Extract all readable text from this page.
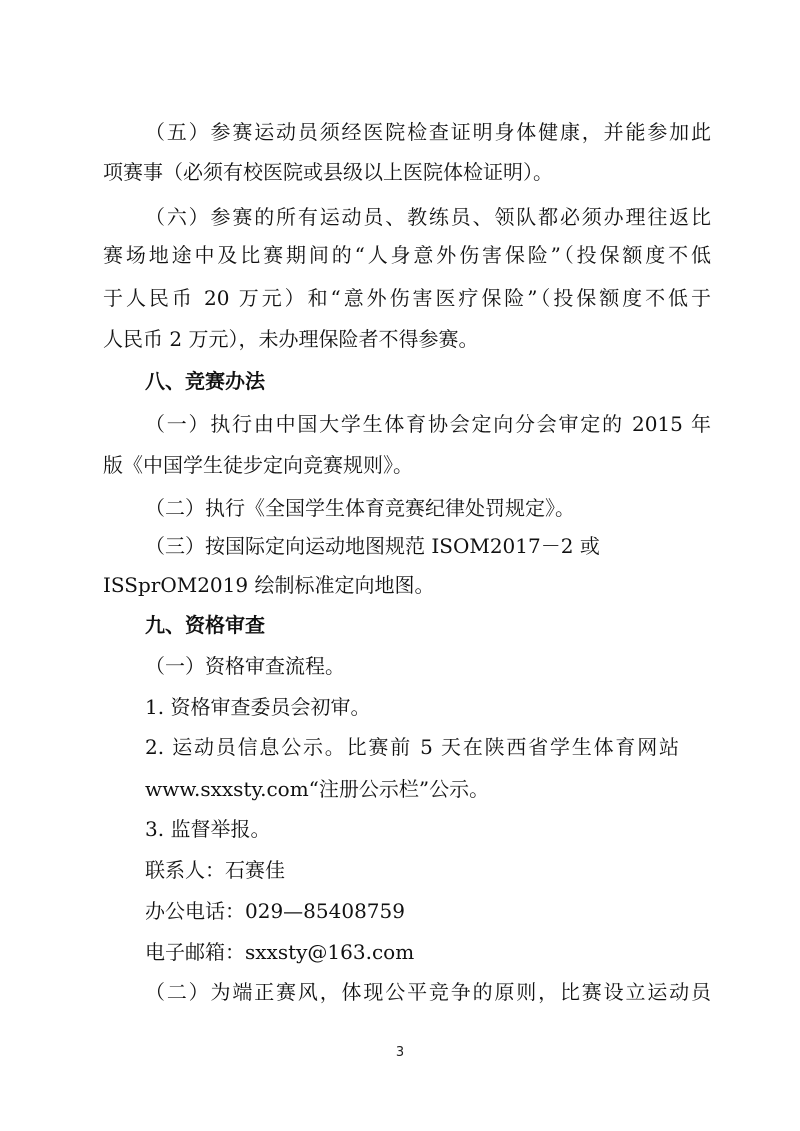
（五）参赛运动员须经医院检查证明身体健康，并能参加此

项赛事（必须有校医院或县级以上医院体检证明）。

（六）参赛的所有运动员、教练员、领队都必须办理往返比

赛场地途中及比赛期间的“人身意外伤害保险”（投保额度不低

于人民币 20 万元）和“意外伤害医疗保险”（投保额度不低于

人民币 2 万元），未办理保险者不得参赛。

八、竞赛办法

（一）执行由中国大学生体育协会定向分会审定的 2015 年

版《中国学生徒步定向竞赛规则》。

（二）执行《全国学生体育竞赛纪律处罚规定》。

（三）按国际定向运动地图规范 ISOM2017－2 或

ISSprOM2019 绘制标准定向地图。

九、资格审查

（一）资格审查流程。

1. 资格审查委员会初审。

2. 运动员信息公示。比赛前 5 天在陕西省学生体育网站

www.sxxsty.com“注册公示栏”公示。

3. 监督举报。

联系人：石赛佳

办公电话：029—85408759

电子邮箱：sxxsty@163.com

（二）为端正赛风，体现公平竞争的原则，比赛设立运动员

3
